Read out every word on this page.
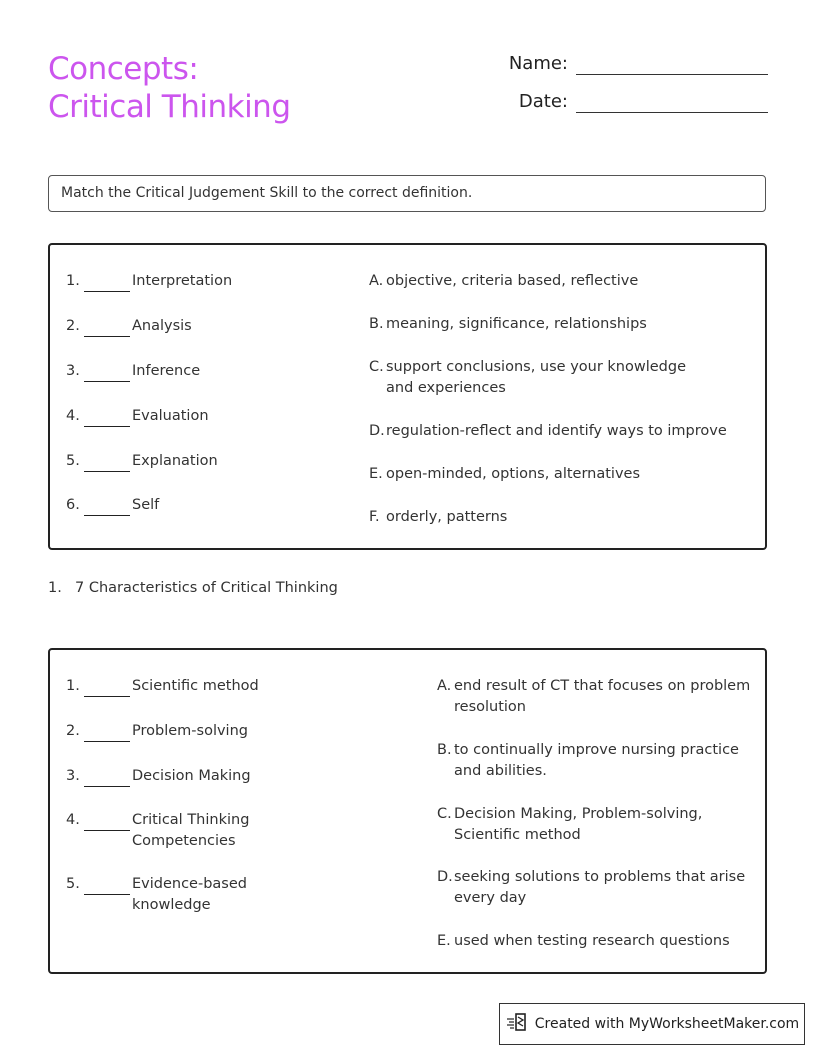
Concepts:
Critical Thinking
Name:
Date:
Match the Critical Judgement Skill to the correct definition.
1.	Interpretation
2.	Analysis
3.	Inference
4.	Evaluation
5.	Explanation
6.	Self
A. objective, criteria based, reflective
B. meaning, significance, relationships
C. support conclusions, use your knowledge and experiences
D. regulation-reflect and identify ways to improve
E. open-minded, options, alternatives
F. orderly, patterns
1. 7 Characteristics of Critical Thinking
1.	Scientific method
2.	Problem-solving
3.	Decision Making
4.	Critical Thinking
Competencies
5.	Evidence-based
knowledge
A. end result of CT that focuses on problem resolution
B. to continually improve nursing practice and abilities.
C. Decision Making, Problem-solving, Scientific method
D. seeking solutions to problems that arise every day
E. used when testing research questions
Created with MyWorksheetMaker.com
